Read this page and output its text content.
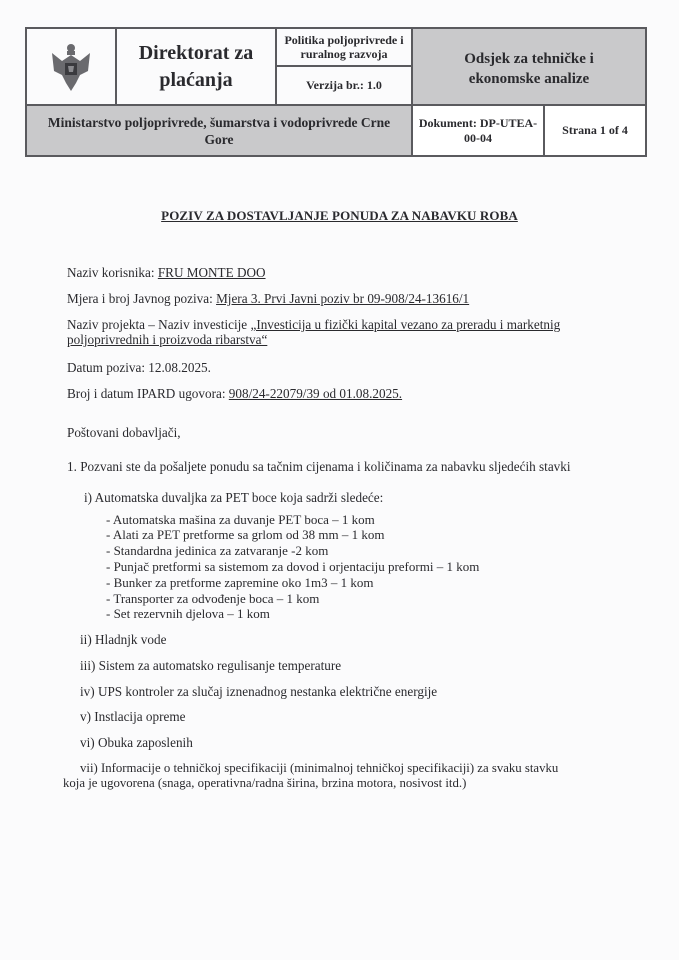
Direktorat za
plaćanja
Politika poljoprivrede i
ruralnog razvoja
Verzija br.: 1.0
Odsjek za tehničke i
ekonomske analize
Ministarstvo poljoprivrede, šumarstva i vodoprivrede Crne
Gore
Dokument: DP-UTEA-
00-04
Strana 1 of 4
POZIV ZA DOSTAVLJANJE PONUDA ZA NABAVKU ROBA
Naziv korisnika: FRU MONTE DOO
Mjera i broj Javnog poziva: Mjera 3. Prvi Javni poziv br 09-908/24-13616/1
Naziv projekta – Naziv investicije „Investicija u fizički kapital vezano za preradu i marketnig
poljoprivrednih i proizvoda ribarstva“
Datum poziva: 12.08.2025.
Broj i datum IPARD ugovora: 908/24-22079/39 od 01.08.2025.
Poštovani dobavljači,
1. Pozvani ste da pošaljete ponudu sa tačnim cijenama i količinama za nabavku sljedećih stavki
i) Automatska duvaljka za PET boce koja sadrži sledeće:
- Automatska mašina za duvanje PET boca – 1 kom
- Alati za PET pretforme sa grlom od 38 mm – 1 kom
- Standardna jedinica za zatvaranje -2 kom
- Punjač pretformi sa sistemom za dovod i orjentaciju preformi – 1 kom
- Bunker za pretforme zapremine oko 1m3 – 1 kom
- Transporter za odvođenje boca – 1 kom
- Set rezervnih djelova – 1 kom
ii) Hladnjk vode
iii) Sistem za automatsko regulisanje temperature
iv) UPS kontroler za slučaj iznenadnog nestanka električne energije
v) Instlacija opreme
vi) Obuka zaposlenih
vii) Informacije o tehničkoj specifikaciji (minimalnoj tehničkoj specifikaciji) za svaku stavku
koja je ugovorena (snaga, operativna/radna širina, brzina motora, nosivost itd.)
